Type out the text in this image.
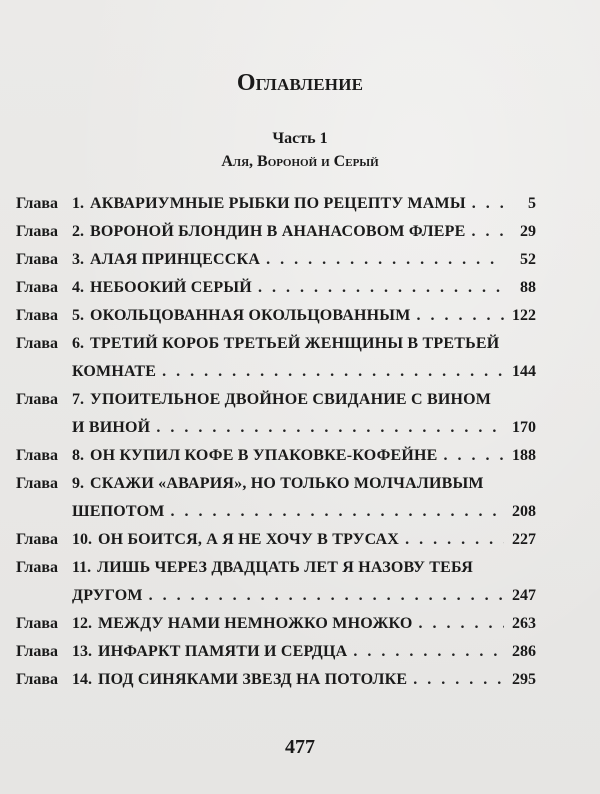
Оглавление
Часть 1
Аля, Вороной и Серый
Глава 1. АКВАРИУМНЫЕ РЫБКИ ПО РЕЦЕПТУ МАМЫ . . .	5
Глава 2. ВОРОНОЙ БЛОНДИН В АНАНАСОВОМ ФЛЕРЕ . . .	29
Глава 3. АЛАЯ ПРИНЦЕССКА . . .	52
Глава 4. НЕБООКИЙ СЕРЫЙ . . .	88
Глава 5. ОКОЛЬЦОВАННАЯ ОКОЛЬЦОВАННЫМ . . .	122
Глава 6. ТРЕТИЙ КОРОБ ТРЕТЬЕЙ ЖЕНЩИНЫ В ТРЕТЬЕЙ
КОМНАТЕ . . .	144
Глава 7. УПОИТЕЛЬНОЕ ДВОЙНОЕ СВИДАНИЕ С ВИНОМ
И ВИНОЙ . . .	170
Глава 8. ОН КУПИЛ КОФЕ В УПАКОВКЕ-КОФЕЙНЕ . . .	188
Глава 9. СКАЖИ «АВАРИЯ», НО ТОЛЬКО МОЛЧАЛИВЫМ
ШЕПОТОМ . . .	208
Глава 10. ОН БОИТСЯ, А Я НЕ ХОЧУ В ТРУСАХ . . .	227
Глава 11. ЛИШЬ ЧЕРЕЗ ДВАДЦАТЬ ЛЕТ Я НАЗОВУ ТЕБЯ
ДРУГОМ . . .	247
Глава 12. МЕЖДУ НАМИ НЕМНОЖКО МНОЖКО . . .	263
Глава 13. ИНФАРКТ ПАМЯТИ И СЕРДЦА . . .	286
Глава 14. ПОД СИНЯКАМИ ЗВЕЗД НА ПОТОЛКЕ . . .	295
477
